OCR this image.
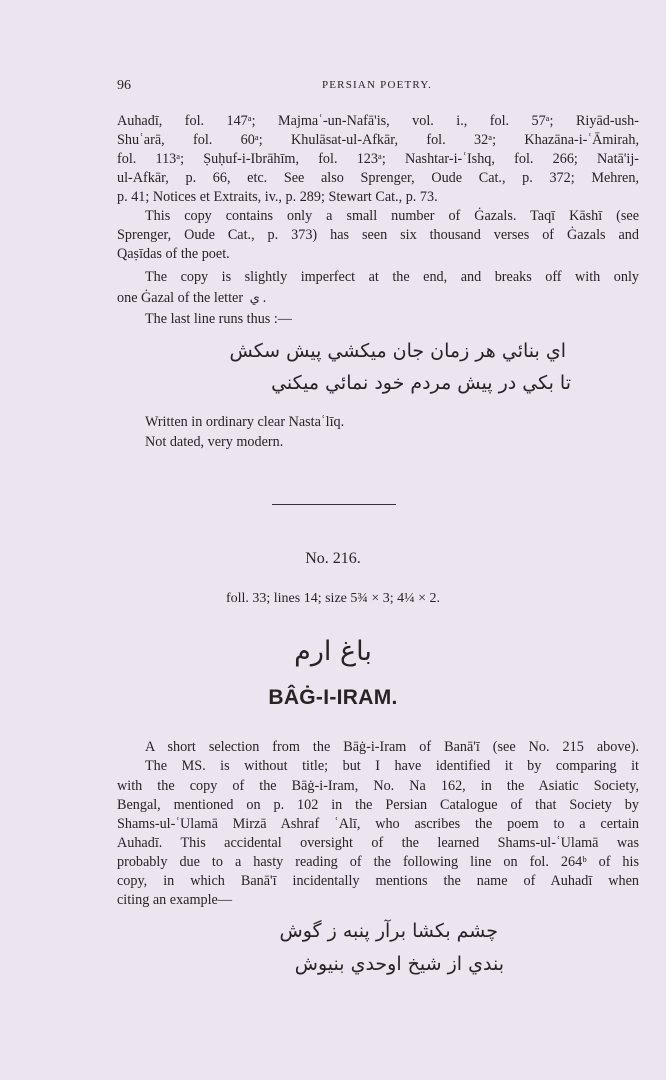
96	PERSIAN POETRY.
Auhadī, fol. 147ᵃ; Majmaʿ-un-Nafā'is, vol. i., fol. 57ᵃ; Riyād-ush-
Shuʿarā, fol. 60ᵃ; Khulāsat-ul-Afkār, fol. 32ᵃ; Khazāna-i-ʿĀmirah,
fol. 113ᵃ; Ṣuḥuf-i-Ibrāhīm, fol. 123ᵃ; Nashtar-i-ʿIshq, fol. 266; Natā'ij-
ul-Afkār, p. 66, etc. See also Sprenger, Oude Cat., p. 372; Mehren,
p. 41; Notices et Extraits, iv., p. 289; Stewart Cat., p. 73.
This copy contains only a small number of Ġazals. Taqī Kāshī (see
Sprenger, Oude Cat., p. 373) has seen six thousand verses of Ġazals and
Qaṣīdas of the poet.
The copy is slightly imperfect at the end, and breaks off with only
one Ġazal of the letter ي .
The last line runs thus :—
اي بنائي هر زمان جان ميكشي پيش سكش
تا بكي در پيش مردم خود نمائي ميكني
Written in ordinary clear Nastaʿlīq.
Not dated, very modern.
No. 216.
foll. 33; lines 14; size 5¾ × 3; 4¼ × 2.
باغ ارم
BÂĠ-I-IRAM.
A short selection from the Bāġ-i-Iram of Banā'ī (see No. 215 above).
The MS. is without title; but I have identified it by comparing it
with the copy of the Bāġ-i-Iram, No. Na 162, in the Asiatic Society,
Bengal, mentioned on p. 102 in the Persian Catalogue of that Society by
Shams-ul-ʿUlamā Mirzā Ashraf ʿAlī, who ascribes the poem to a certain
Auhadī. This accidental oversight of the learned Shams-ul-ʿUlamā was
probably due to a hasty reading of the following line on fol. 264ᵇ of his
copy, in which Banā'ī incidentally mentions the name of Auhadī when
citing an example—
چشم بكشا برآر پنبه ز گوش
بندي از شيخ اوحدي بنيوش
